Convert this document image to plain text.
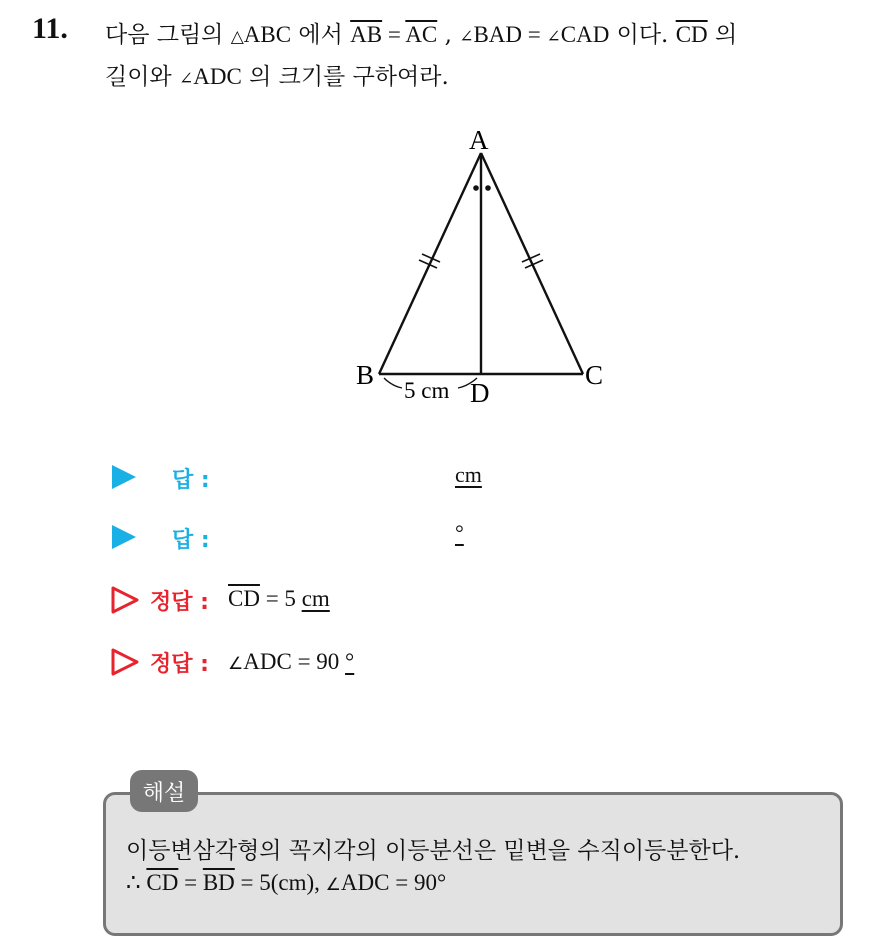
11. 다음 그림의 △ABC 에서 $\overline{AB} = \overline{AC}$ , ∠BAD = ∠CAD 이다. $\overline{CD}$ 의
길이와 ∠ADC 의 크기를 구하여라.
A
B	C
D
5 cm
답 :	cm
답 :	°
정답 : $\overline{CD} = 5$ cm
정답 : ∠ADC = 90 °
해설
이등변삼각형의 꼭지각의 이등분선은 밑변을 수직이등분한다.
∴ $\overline{CD} = \overline{BD} = 5(cm)$, ∠ADC = 90°
